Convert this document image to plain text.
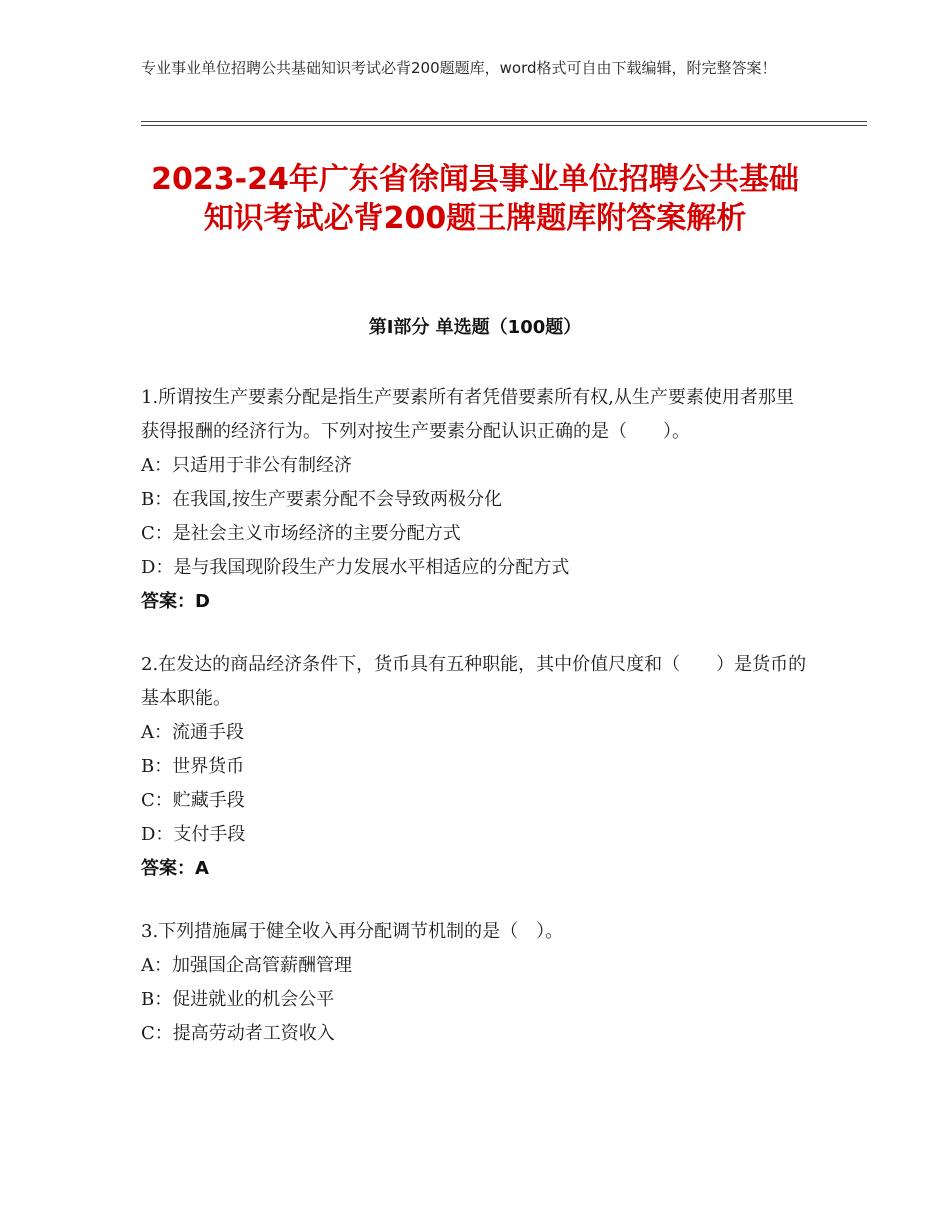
专业事业单位招聘公共基础知识考试必背200题题库，word格式可自由下载编辑，附完整答案！
2023-24年广东省徐闻县事业单位招聘公共基础知识考试必背200题王牌题库附答案解析
第Ⅰ部分 单选题（100题）
1.所谓按生产要素分配是指生产要素所有者凭借要素所有权,从生产要素使用者那里获得报酬的经济行为。下列对按生产要素分配认识正确的是（　　）。
A：只适用于非公有制经济
B：在我国,按生产要素分配不会导致两极分化
C：是社会主义市场经济的主要分配方式
D：是与我国现阶段生产力发展水平相适应的分配方式
答案：D
2.在发达的商品经济条件下，货币具有五种职能，其中价值尺度和（　　）是货币的基本职能。
A：流通手段
B：世界货币
C：贮藏手段
D：支付手段
答案：A
3.下列措施属于健全收入再分配调节机制的是（　）。
A：加强国企高管薪酬管理
B：促进就业的机会公平
C：提高劳动者工资收入
